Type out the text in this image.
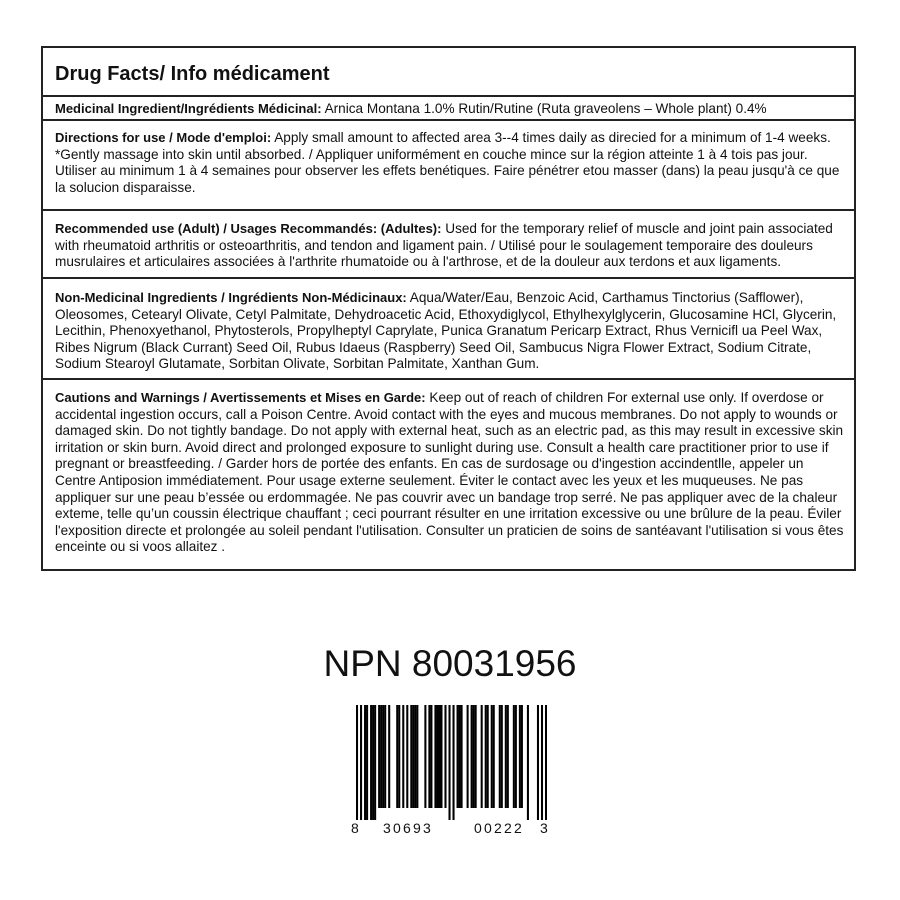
Drug Facts/ Info médicament
Medicinal Ingredient/Ingrédients Médicinal: Arnica Montana 1.0% Rutin/Rutine (Ruta graveolens – Whole plant) 0.4%
Directions for use / Mode d'emploi: Apply small amount to affected area 3--4 times daily as direcied for a minimum of 1-4 weeks. *Gently massage into skin until absorbed. / Appliquer uniformément en couche mince sur la région atteinte 1 à 4 tois pas jour. Utiliser au minimum 1 à 4 semaines pour observer les effets benétiques. Faire pénétrer etou masser (dans) la peau jusqu'à ce que la solucion disparaisse.
Recommended use (Adult) / Usages Recommandés: (Adultes): Used for the temporary relief of muscle and joint pain associated with rheumatoid arthritis or osteoarthritis, and tendon and ligament pain. / Utilisé pour le soulagement temporaire des douleurs musrulaires et articulaires associées à l'arthrite rhumatoide ou à l'arthrose, et de la douleur aux terdons et aux ligaments.
Non-Medicinal Ingredients / Ingrédients Non-Médicinaux: Aqua/Water/Eau, Benzoic Acid, Carthamus Tinctorius (Safflower), Oleosomes, Cetearyl Olivate, Cetyl Palmitate, Dehydroacetic Acid, Ethoxydiglycol, Ethylhexylglycerin, Glucosamine HCl, Glycerin, Lecithin, Phenoxyethanol, Phytosterols, Propylheptyl Caprylate, Punica Granatum Pericarp Extract, Rhus Vernicifl ua Peel Wax, Ribes Nigrum (Black Currant) Seed Oil, Rubus Idaeus (Raspberry) Seed Oil, Sambucus Nigra Flower Extract, Sodium Citrate, Sodium Stearoyl Glutamate, Sorbitan Olivate, Sorbitan Palmitate, Xanthan Gum.
Cautions and Warnings / Avertissements et Mises en Garde: Keep out of reach of children For external use only. If overdose or accidental ingestion occurs, call a Poison Centre. Avoid contact with the eyes and mucous membranes. Do not apply to wounds or damaged skin. Do not tightly bandage. Do not apply with external heat, such as an electric pad, as this may result in excessive skin irritation or skin burn. Avoid direct and prolonged exposure to sunlight during use. Consult a health care practitioner prior to use if pregnant or breastfeeding. / Garder hors de portée des enfants. En cas de surdosage ou d'ingestion accindentlle, appeler un Centre Antiposion immédiatement. Pour usage externe seulement. Éviter le contact avec les yeux et les muqueuses. Ne pas appliquer sur une peau b’essée ou erdommagée. Ne pas couvrir avec un bandage trop serré. Ne pas appliquer avec de la chaleur exteme, telle qu’un coussin électrique chauffant ; ceci pourrant résulter en une irritation excessive ou une brûlure de la peau. Éviler l'exposition directe et prolongée au soleil pendant l'utilisation. Consulter un praticien de soins de santéavant l'utilisation si vous êtes enceinte ou si voos allaitez .
NPN 80031956
8 30693	00222 3
